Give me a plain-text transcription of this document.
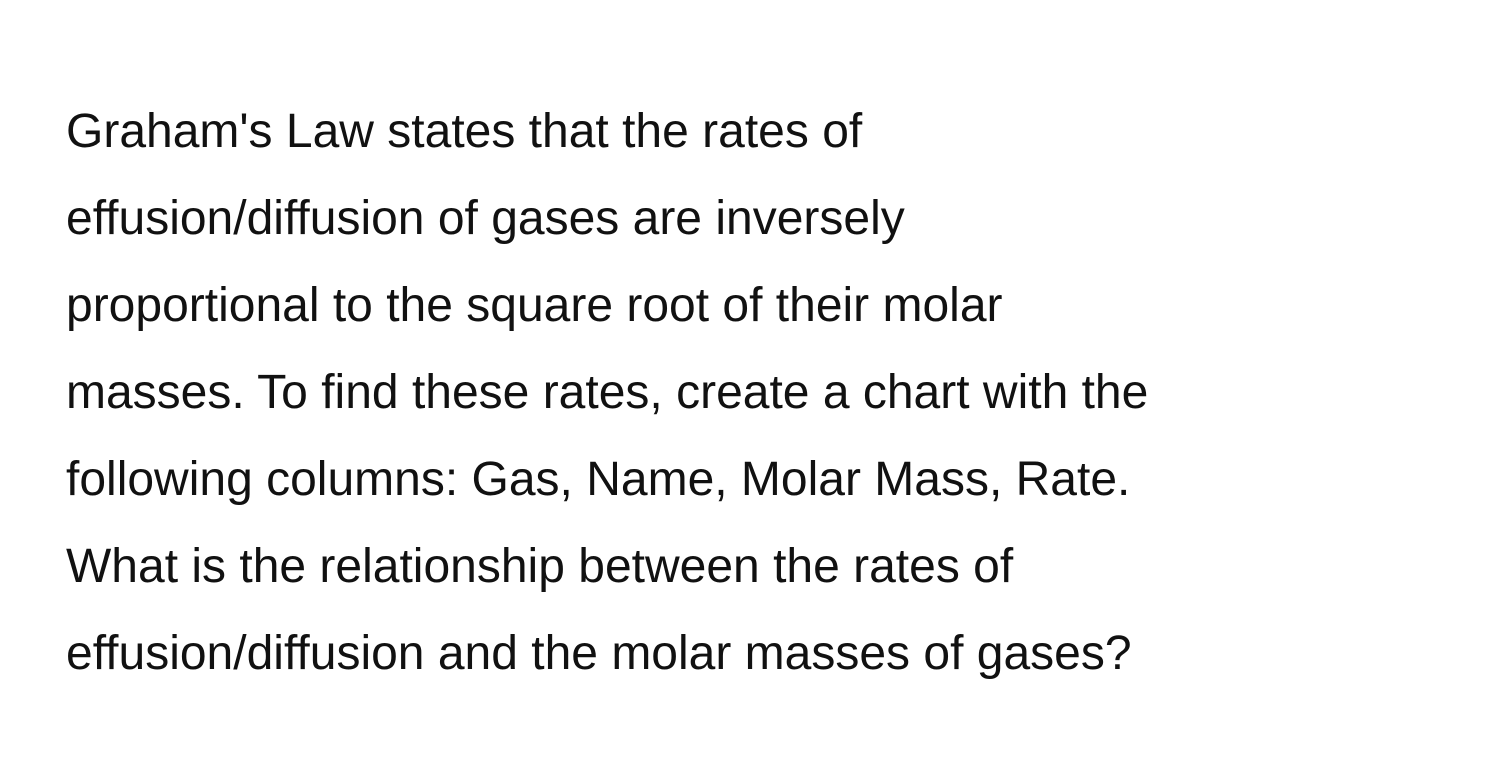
Graham's Law states that the rates of
effusion/diffusion of gases are inversely
proportional to the square root of their molar
masses. To find these rates, create a chart with the
following columns: Gas, Name, Molar Mass, Rate.
What is the relationship between the rates of
effusion/diffusion and the molar masses of gases?
